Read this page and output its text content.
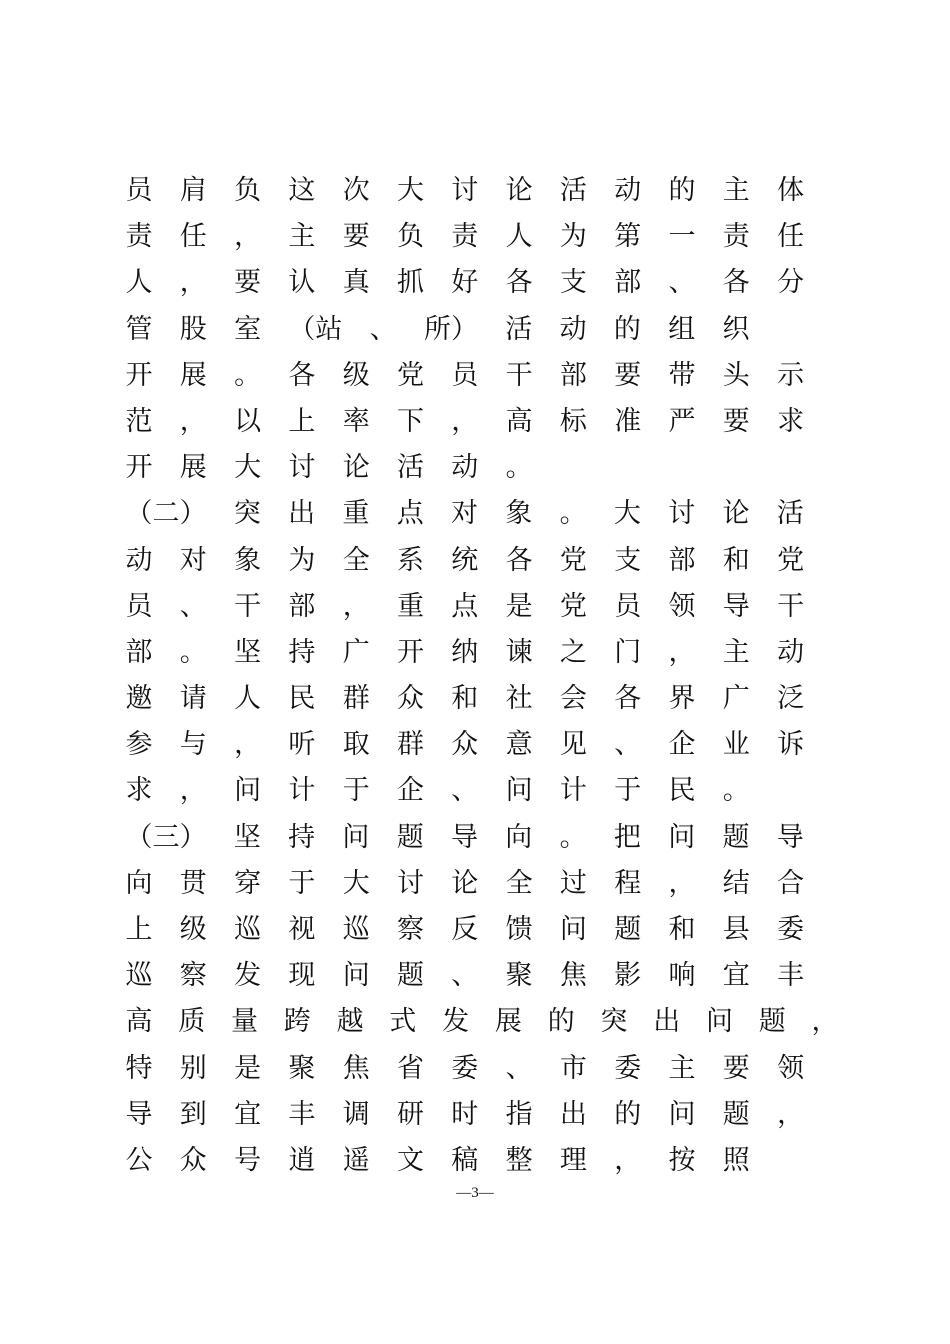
员 肩 负 这 次 大 讨 论 活 动 的 主 体
责 任 ， 主 要 负 责 人 为 第 一 责 任
人 ， 要 认 真 抓 好 各 支 部 、 各 分
管 股 室 （ 站 、 所 ） 活 动 的 组 织
开 展 。 各 级 党 员 干 部 要 带 头 示
范 ， 以 上 率 下 ， 高 标 准 严 要 求
开 展 大 讨 论 活 动 。
（ 二 ） 突 出 重 点 对 象 。 大 讨 论 活
动 对 象 为 全 系 统 各 党 支 部 和 党
员 、 干 部 ， 重 点 是 党 员 领 导 干
部 。 坚 持 广 开 纳 谏 之 门 ， 主 动
邀 请 人 民 群 众 和 社 会 各 界 广 泛
参 与 ， 听 取 群 众 意 见 、 企 业 诉
求 ， 问 计 于 企 、 问 计 于 民 。
（ 三 ） 坚 持 问 题 导 向 。 把 问 题 导
向 贯 穿 于 大 讨 论 全 过 程 ， 结 合
上 级 巡 视 巡 察 反 馈 问 题 和 县 委
巡 察 发 现 问 题 、 聚 焦 影 响 宜 丰
高 质 量 跨 越 式 发 展 的 突 出 问 题 ，
特 别 是 聚 焦 省 委 、 市 委 主 要 领
导 到 宜 丰 调 研 时 指 出 的 问 题 ，
公 众 号 逍 遥 文 稿 整 理 ， 按 照
—3—
